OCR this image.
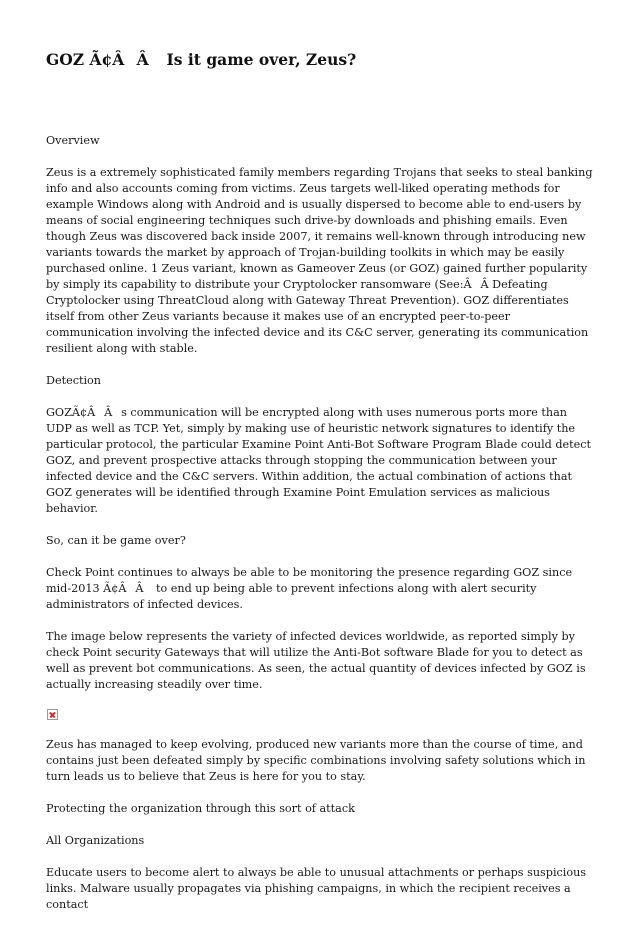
GOZ Ã¢ÂÂ Is it game over, Zeus?

Overview

Zeus is a extremely sophisticated family members regarding Trojans that seeks to steal banking info and also accounts coming from victims. Zeus targets well-liked operating methods for example Windows along with Android and is usually dispersed to become able to end-users by means of social engineering techniques such drive-by downloads and phishing emails. Even though Zeus was discovered back inside 2007, it remains well-known through introducing new variants towards the market by approach of Trojan-building toolkits in which may be easily purchased online. 1 Zeus variant, known as Gameover Zeus (or GOZ) gained further popularity by simply its capability to distribute your Cryptolocker ransomware (See:ÂÂ Defeating Cryptolocker using ThreatCloud along with Gateway Threat Prevention). GOZ differentiates itself from other Zeus variants because it makes use of an encrypted peer-to-peer communication involving the infected device and its C&C server, generating its communication resilient along with stable.

Detection

GOZÃ¢ÂÂs communication will be encrypted along with uses numerous ports more than UDP as well as TCP. Yet, simply by making use of heuristic network signatures to identify the particular protocol, the particular Examine Point Anti-Bot Software Program Blade could detect GOZ, and prevent prospective attacks through stopping the communication between your infected device and the C&C servers. Within addition, the actual combination of actions that GOZ generates will be identified through Examine Point Emulation services as malicious behavior.

So, can it be game over?

Check Point continues to always be able to be monitoring the presence regarding GOZ since mid-2013 Ã¢ÂÂ to end up being able to prevent infections along with alert security administrators of infected devices.

The image below represents the variety of infected devices worldwide, as reported simply by check Point security Gateways that will utilize the Anti-Bot software Blade for you to detect as well as prevent bot communications. As seen, the actual quantity of devices infected by GOZ is actually increasing steadily over time.

Zeus has managed to keep evolving, produced new variants more than the course of time, and contains just been defeated simply by specific combinations involving safety solutions which in turn leads us to believe that Zeus is here for you to stay.

Protecting the organization through this sort of attack

All Organizations

Educate users to become alert to always be able to unusual attachments or perhaps suspicious links. Malware usually propagates via phishing campaigns, in which the recipient receives a contact
